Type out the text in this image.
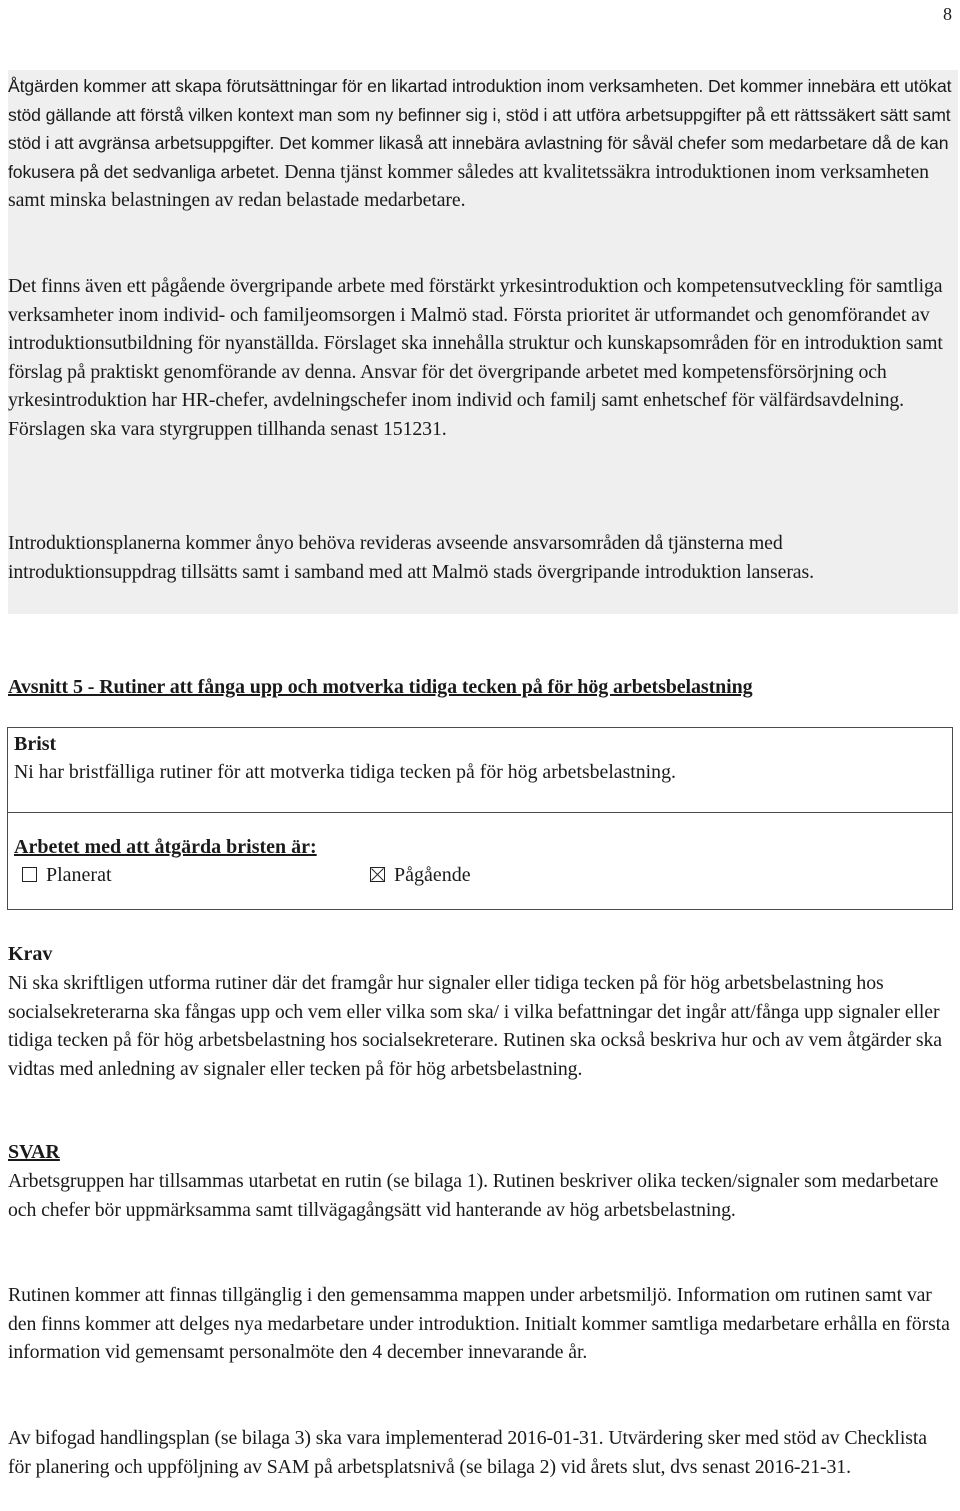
8

Åtgärden kommer att skapa förutsättningar för en likartad introduktion inom verksamheten. Det kommer innebära ett utökat stöd gällande att förstå vilken kontext man som ny befinner sig i, stöd i att utföra arbetsuppgifter på ett rättssäkert sätt samt stöd i att avgränsa arbetsuppgifter. Det kommer likaså att innebära avlastning för såväl chefer som medarbetare då de kan fokusera på det sedvanliga arbetet. Denna tjänst kommer således att kvalitetssäkra introduktionen inom verksamheten samt minska belastningen av redan belastade medarbetare.

Det finns även ett pågående övergripande arbete med förstärkt yrkesintroduktion och kompetensutveckling för samtliga verksamheter inom individ- och familjeomsorgen i Malmö stad. Första prioritet är utformandet och genomförandet av introduktionsutbildning för nyanställda. Förslaget ska innehålla struktur och kunskapsområden för en introduktion samt förslag på praktiskt genomförande av denna. Ansvar för det övergripande arbetet med kompetensförsörjning och yrkesintroduktion har HR-chefer, avdelningschefer inom individ och familj samt enhetschef för välfärdsavdelning. Förslagen ska vara styrgruppen tillhanda senast 151231.

Introduktionsplanerna kommer ånyo behöva revideras avseende ansvarsområden då tjänsterna med introduktionsuppdrag tillsätts samt i samband med att Malmö stads övergripande introduktion lanseras.

Avsnitt 5 - Rutiner att fånga upp och motverka tidiga tecken på för hög arbetsbelastning
Brist
Ni har bristfälliga rutiner för att motverka tidiga tecken på för hög arbetsbelastning.
Arbetet med att åtgärda bristen är:
Planerat	Pågående
Krav

Ni ska skriftligen utforma rutiner där det framgår hur signaler eller tidiga tecken på för hög arbetsbelastning hos socialsekreterarna ska fångas upp och vem eller vilka som ska/ i vilka befattningar det ingår att/fånga upp signaler eller tidiga tecken på för hög arbetsbelastning hos socialsekreterare. Rutinen ska också beskriva hur och av vem åtgärder ska vidtas med anledning av signaler eller tecken på för hög arbetsbelastning.

SVAR

Arbetsgruppen har tillsammas utarbetat en rutin (se bilaga 1). Rutinen beskriver olika tecken/signaler som medarbetare och chefer bör uppmärksamma samt tillvägagångsätt vid hanterande av hög arbetsbelastning.

Rutinen kommer att finnas tillgänglig i den gemensamma mappen under arbetsmiljö. Information om rutinen samt var den finns kommer att delges nya medarbetare under introduktion. Initialt kommer samtliga medarbetare erhålla en första information vid gemensamt personalmöte den 4 december innevarande år.

Av bifogad handlingsplan (se bilaga 3) ska vara implementerad 2016-01-31. Utvärdering sker med stöd av Checklista för planering och uppföljning av SAM på arbetsplatsnivå (se bilaga 2) vid årets slut, dvs senast 2016-21-31.
